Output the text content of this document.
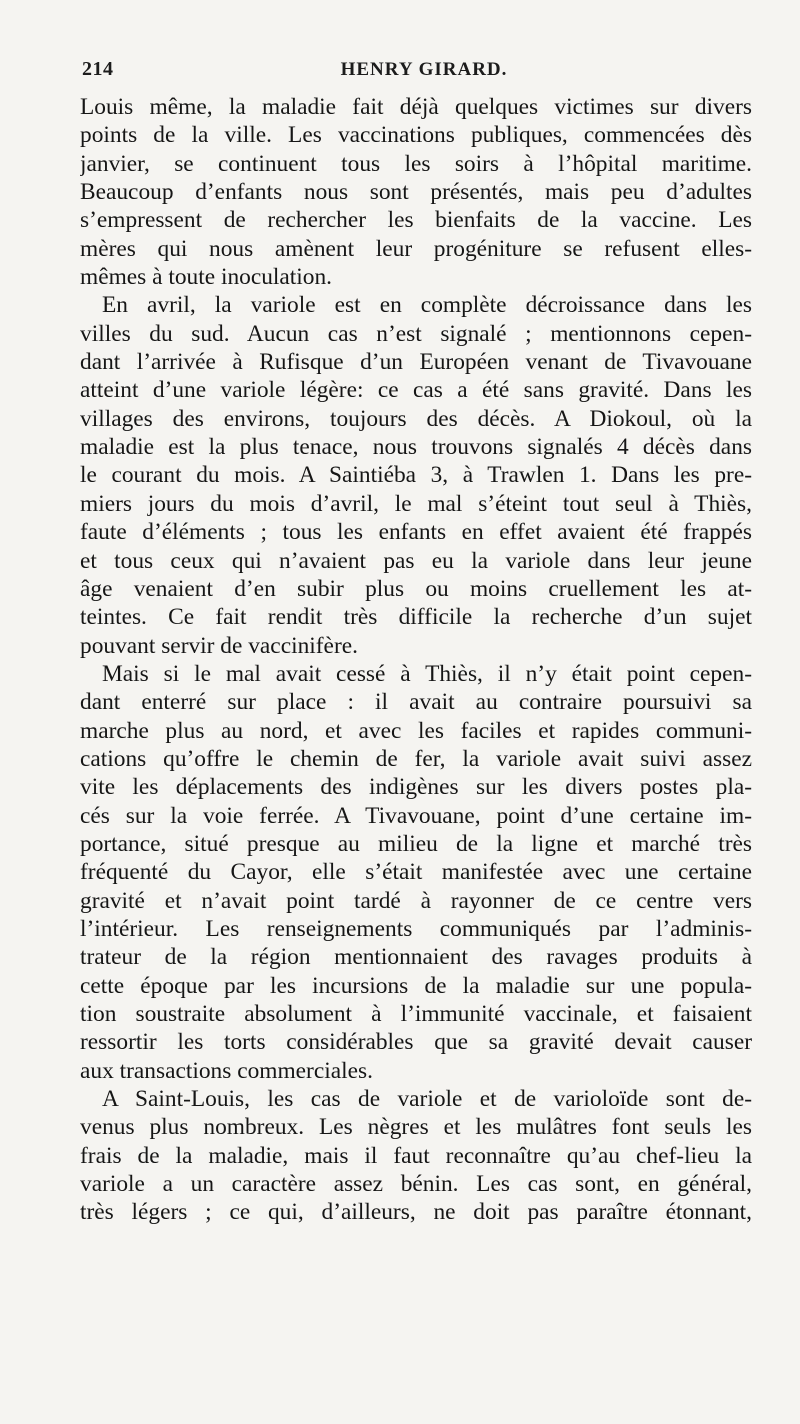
214	HENRY GIRARD.
Louis même, la maladie fait déjà quelques victimes sur divers
points de la ville. Les vaccinations publiques, commencées dès
janvier, se continuent tous les soirs à l’hôpital maritime.
Beaucoup d’enfants nous sont présentés, mais peu d’adultes
s’empressent de rechercher les bienfaits de la vaccine. Les
mères qui nous amènent leur progéniture se refusent elles-
mêmes à toute inoculation.
En avril, la variole est en complète décroissance dans les
villes du sud. Aucun cas n’est signalé ; mentionnons cepen-
dant l’arrivée à Rufisque d’un Européen venant de Tivavouane
atteint d’une variole légère: ce cas a été sans gravité. Dans les
villages des environs, toujours des décès. A Diokoul, où la
maladie est la plus tenace, nous trouvons signalés 4 décès dans
le courant du mois. A Saintiéba 3, à Trawlen 1. Dans les pre-
miers jours du mois d’avril, le mal s’éteint tout seul à Thiès,
faute d’éléments ; tous les enfants en effet avaient été frappés
et tous ceux qui n’avaient pas eu la variole dans leur jeune
âge venaient d’en subir plus ou moins cruellement les at-
teintes. Ce fait rendit très difficile la recherche d’un sujet
pouvant servir de vaccinifère.
Mais si le mal avait cessé à Thiès, il n’y était point cepen-
dant enterré sur place : il avait au contraire poursuivi sa
marche plus au nord, et avec les faciles et rapides communi-
cations qu’offre le chemin de fer, la variole avait suivi assez
vite les déplacements des indigènes sur les divers postes pla-
cés sur la voie ferrée. A Tivavouane, point d’une certaine im-
portance, situé presque au milieu de la ligne et marché très
fréquenté du Cayor, elle s’était manifestée avec une certaine
gravité et n’avait point tardé à rayonner de ce centre vers
l’intérieur. Les renseignements communiqués par l’adminis-
trateur de la région mentionnaient des ravages produits à
cette époque par les incursions de la maladie sur une popula-
tion soustraite absolument à l’immunité vaccinale, et faisaient
ressortir les torts considérables que sa gravité devait causer
aux transactions commerciales.
A Saint-Louis, les cas de variole et de varioloïde sont de-
venus plus nombreux. Les nègres et les mulâtres font seuls les
frais de la maladie, mais il faut reconnaître qu’au chef-lieu la
variole a un caractère assez bénin. Les cas sont, en général,
très légers ; ce qui, d’ailleurs, ne doit pas paraître étonnant,
